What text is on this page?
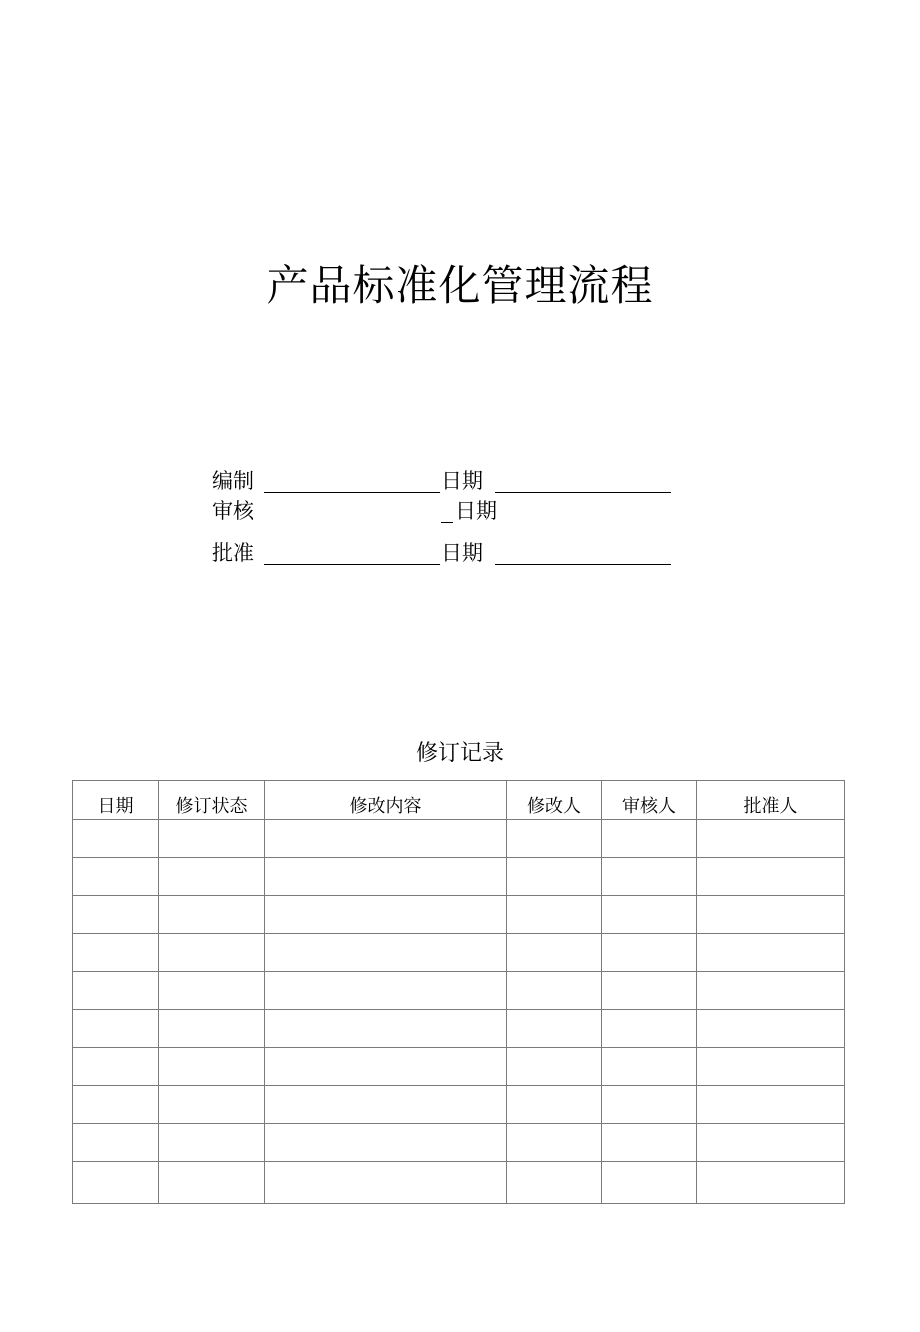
产品标准化管理流程
编制	日期
审核	日期
批准	日期
修订记录
日期	修订状态	修改内容	修改人	审核人	批准人
